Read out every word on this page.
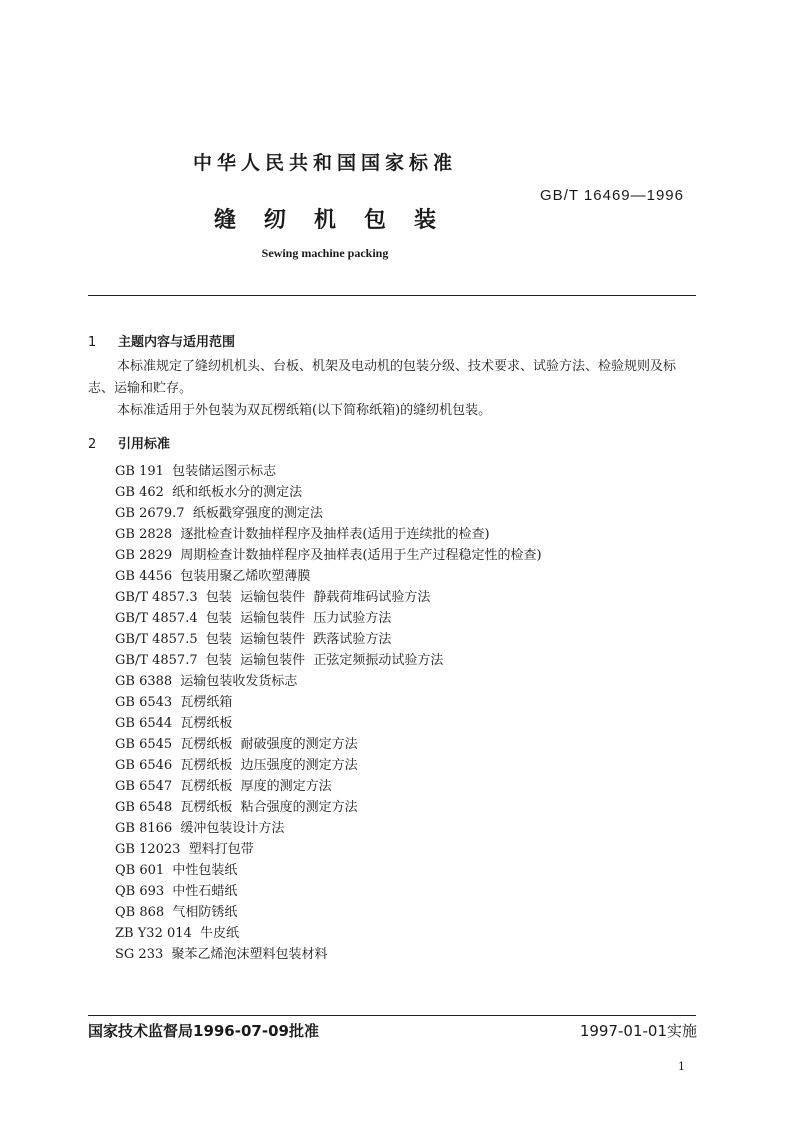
中华人民共和国国家标准
GB/T 16469—1996
缝纫机包装
Sewing machine packing
1 主题内容与适用范围
本标准规定了缝纫机机头、台板、机架及电动机的包装分级、技术要求、试验方法、检验规则及标志、运输和贮存。
本标准适用于外包装为双瓦楞纸箱(以下简称纸箱)的缝纫机包装。
2 引用标准
GB 191  包装储运图示标志
GB 462  纸和纸板水分的测定法
GB 2679.7  纸板戳穿强度的测定法
GB 2828  逐批检查计数抽样程序及抽样表(适用于连续批的检查)
GB 2829  周期检查计数抽样程序及抽样表(适用于生产过程稳定性的检查)
GB 4456  包装用聚乙烯吹塑薄膜
GB/T 4857.3  包装  运输包装件  静载荷堆码试验方法
GB/T 4857.4  包装  运输包装件  压力试验方法
GB/T 4857.5  包装  运输包装件  跌落试验方法
GB/T 4857.7  包装  运输包装件  正弦定频振动试验方法
GB 6388  运输包装收发货标志
GB 6543  瓦楞纸箱
GB 6544  瓦楞纸板
GB 6545  瓦楞纸板  耐破强度的测定方法
GB 6546  瓦楞纸板  边压强度的测定方法
GB 6547  瓦楞纸板  厚度的测定方法
GB 6548  瓦楞纸板  粘合强度的测定方法
GB 8166  缓冲包装设计方法
GB 12023  塑料打包带
QB 601  中性包装纸
QB 693  中性石蜡纸
QB 868  气相防锈纸
ZB Y32 014  牛皮纸
SG 233  聚苯乙烯泡沫塑料包装材料
国家技术监督局1996-07-09批准	1997-01-01实施
1
